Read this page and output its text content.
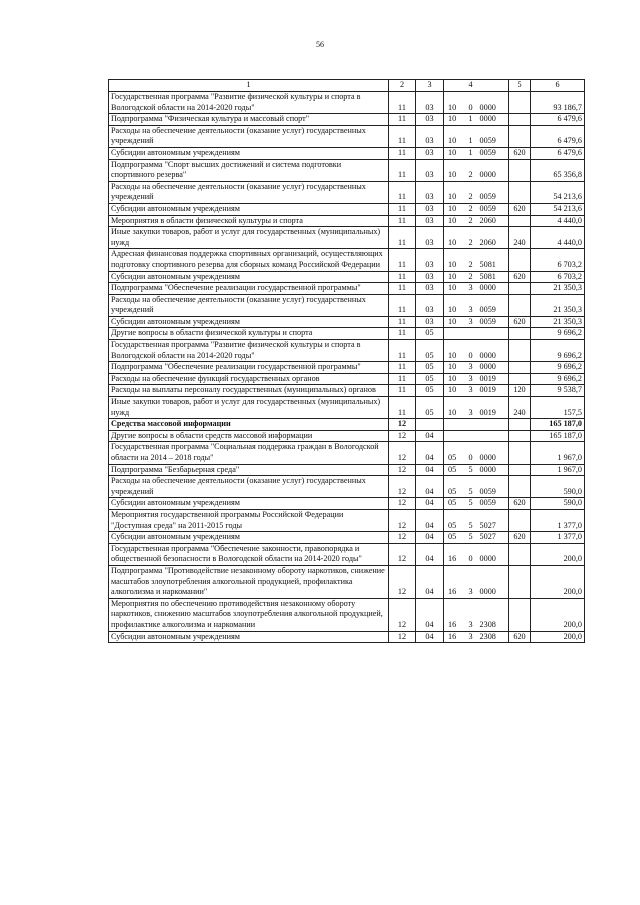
56
1	2	3		4		5	6
Государственная программа "Развитие физической культуры и спорта в Вологодской области на 2014-2020 годы"	11	03	10	0	0000		93 186,7
Подпрограмма "Физическая культура и массовый спорт"	11	03	10	1	0000		6 479,6
Расходы на обеспечение деятельности (оказание услуг) государственных учреждений	11	03	10	1	0059		6 479,6
Субсидии автономным учреждениям	11	03	10	1	0059	620	6 479,6
Подпрограмма "Спорт высших достижений и система подготовки спортивного резерва"	11	03	10	2	0000		65 356,8
Расходы на обеспечение деятельности (оказание услуг) государственных учреждений	11	03	10	2	0059		54 213,6
Субсидии автономным учреждениям	11	03	10	2	0059	620	54 213,6
Мероприятия в области физической культуры и спорта	11	03	10	2	2060		4 440,0
Иные закупки товаров, работ и услуг для государственных (муниципальных) нужд	11	03	10	2	2060	240	4 440,0
Адресная финансовая поддержка спортивных организаций, осуществляющих подготовку спортивного резерва для сборных команд Российской Федерации	11	03	10	2	5081		6 703,2
Субсидии автономным учреждениям	11	03	10	2	5081	620	6 703,2
Подпрограмма "Обеспечение реализации государственной программы"	11	03	10	3	0000		21 350,3
Расходы на обеспечение деятельности (оказание услуг) государственных учреждений	11	03	10	3	0059		21 350,3
Субсидии автономным учреждениям	11	03	10	3	0059	620	21 350,3
Другие вопросы в области физической культуры и спорта	11	05					9 696,2
Государственная программа "Развитие физической культуры и спорта в Вологодской области на 2014-2020 годы"	11	05	10	0	0000		9 696,2
Подпрограмма "Обеспечение реализации государственной программы"	11	05	10	3	0000		9 696,2
Расходы на обеспечение функций государственных органов	11	05	10	3	0019		9 696,2
Расходы на выплаты персоналу государственных (муниципальных) органов	11	05	10	3	0019	120	9 538,7
Иные закупки товаров, работ и услуг для государственных (муниципальных) нужд	11	05	10	3	0019	240	157,5
Средства массовой информации	12						165 187,0
Другие вопросы в области средств массовой информации	12	04					165 187,0
Государственная программа "Социальная поддержка граждан в Вологодской области на 2014 – 2018 годы"	12	04	05	0	0000		1 967,0
Подпрограмма "Безбарьерная среда"	12	04	05	5	0000		1 967,0
Расходы на обеспечение деятельности (оказание услуг) государственных учреждений	12	04	05	5	0059		590,0
Субсидии автономным учреждениям	12	04	05	5	0059	620	590,0
Мероприятия государственной программы Российской Федерации "Доступная среда" на 2011-2015 годы	12	04	05	5	5027		1 377,0
Субсидии автономным учреждениям	12	04	05	5	5027	620	1 377,0
Государственная программа "Обеспечение законности, правопорядка и общественной безопасности в Вологодской области на 2014-2020 годы"	12	04	16	0	0000		200,0
Подпрограмма "Противодействие незаконному обороту наркотиков, снижение масштабов злоупотребления алкогольной продукцией, профилактика алкоголизма и наркомании"	12	04	16	3	0000		200,0
Мероприятия по обеспечению противодействия незаконному обороту наркотиков, снижению масштабов злоупотребления алкогольной продукцией, профилактике алкоголизма и наркомании	12	04	16	3	2308		200,0
Субсидии автономным учреждениям	12	04	16	3	2308	620	200,0
